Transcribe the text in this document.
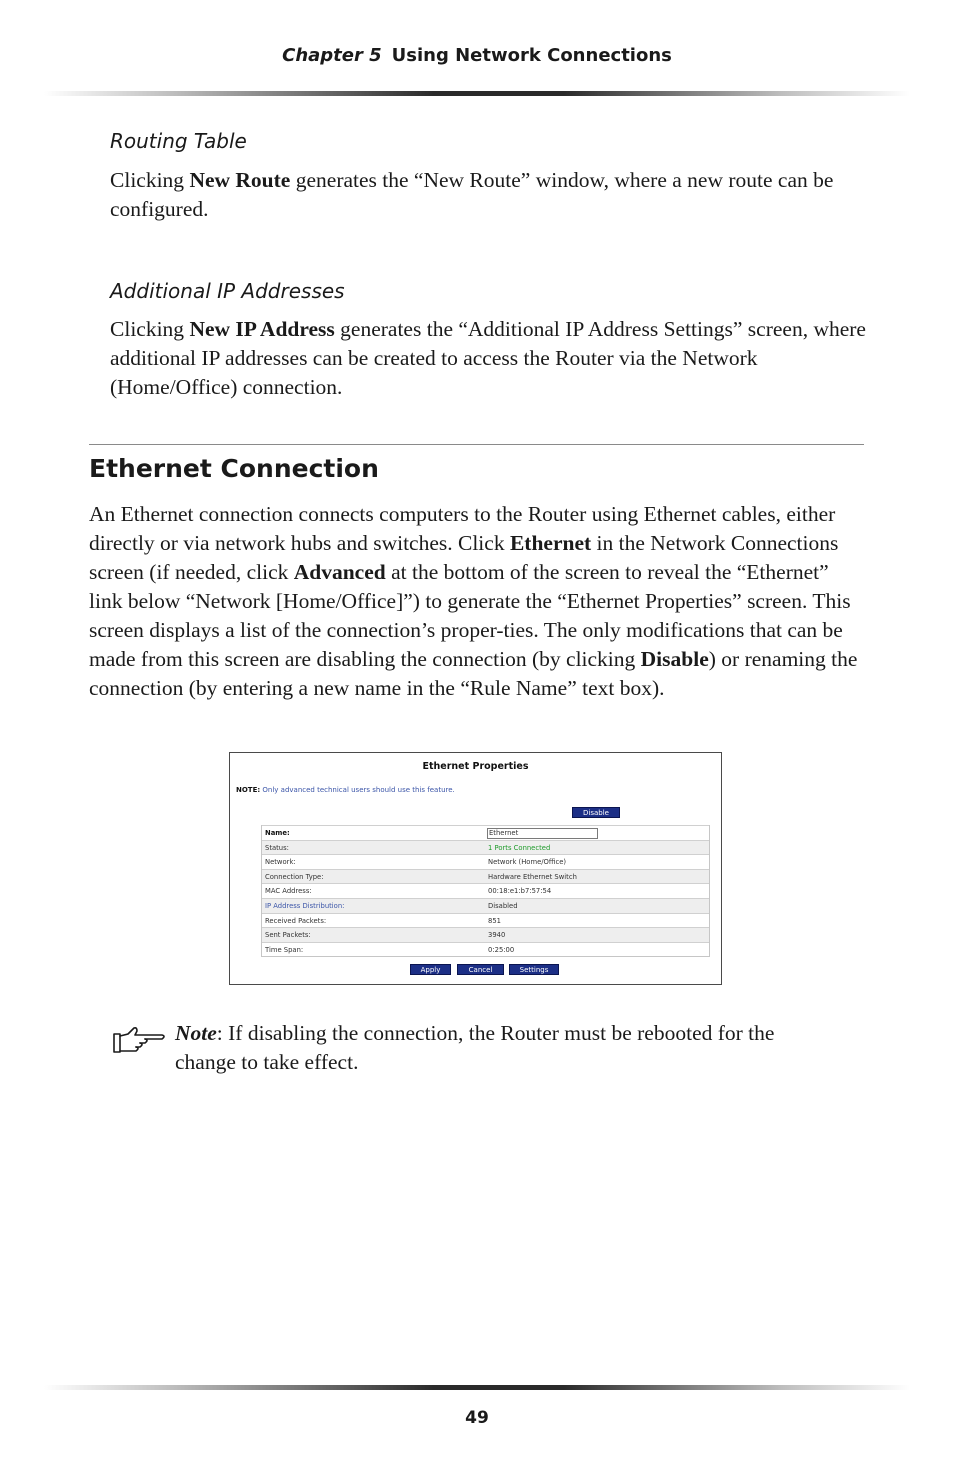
Chapter 5 Using Network Connections
Routing Table

Clicking New Route generates the “New Route” window, where a new route can be configured.

Additional IP Addresses

Clicking New IP Address generates the “Additional IP Address Settings” screen, where additional IP addresses can be created to access the Router via the Network (Home/Office) connection.

Ethernet Connection

An Ethernet connection connects computers to the Router using Ethernet cables, either directly or via network hubs and switches. Click Ethernet in the Network Connections screen (if needed, click Advanced at the bottom of the screen to reveal the “Ethernet” link below “Network [Home/Office]”) to generate the “Ethernet Properties” screen. This screen displays a list of the connection’s proper-ties. The only modifications that can be made from this screen are disabling the connection (by clicking Disable) or renaming the connection (by entering a new name in the “Rule Name” text box).

Ethernet Properties
NOTE: Only advanced technical users should use this feature.
Disable
Name:	Ethernet
Status:	1 Ports Connected
Network:	Network (Home/Office)
Connection Type:	Hardware Ethernet Switch
MAC Address:	00:18:e1:b7:57:54
IP Address Distribution:	Disabled
Received Packets:	851
Sent Packets:	3940
Time Span:	0:25:00
Apply	Cancel	Settings
Note: If disabling the connection, the Router must be rebooted for the change to take effect.
49
